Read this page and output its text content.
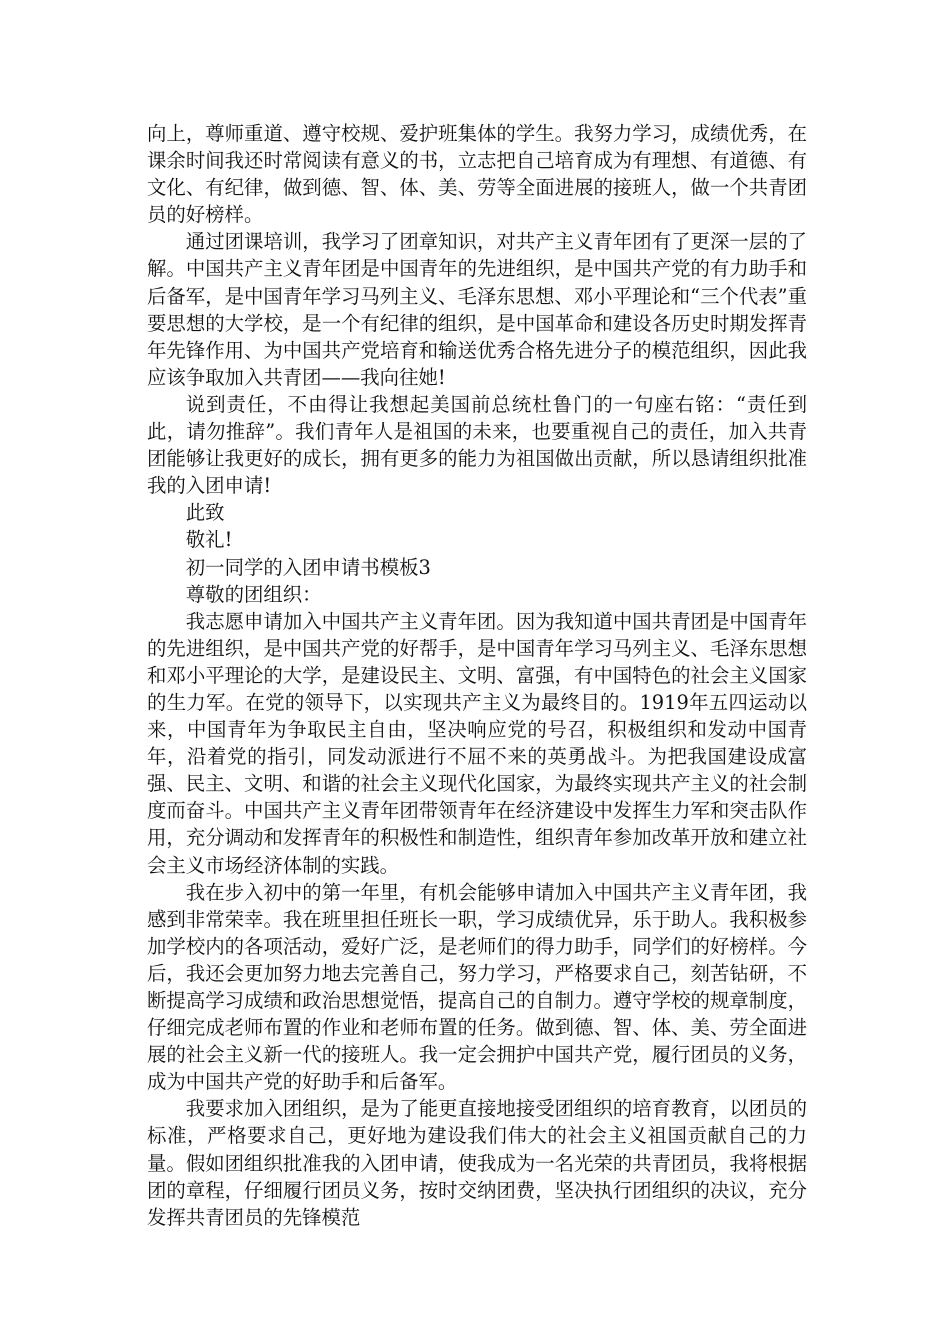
向上，尊师重道、遵守校规、爱护班集体的学生。我努力学习，成绩优秀，在课余时间我还时常阅读有意义的书，立志把自己培育成为有理想、有道德、有文化、有纪律，做到德、智、体、美、劳等全面进展的接班人，做一个共青团员的好榜样。

通过团课培训，我学习了团章知识，对共产主义青年团有了更深一层的了解。中国共产主义青年团是中国青年的先进组织，是中国共产党的有力助手和后备军，是中国青年学习马列主义、毛泽东思想、邓小平理论和“三个代表”重要思想的大学校，是一个有纪律的组织，是中国革命和建设各历史时期发挥青年先锋作用、为中国共产党培育和输送优秀合格先进分子的模范组织，因此我应该争取加入共青团——我向往她!

说到责任，不由得让我想起美国前总统杜鲁门的一句座右铭：“责任到此，请勿推辞”。我们青年人是祖国的未来，也要重视自己的责任，加入共青团能够让我更好的成长，拥有更多的能力为祖国做出贡献，所以恳请组织批准我的入团申请!

此致

敬礼!

初一同学的入团申请书模板3

尊敬的团组织：

我志愿申请加入中国共产主义青年团。因为我知道中国共青团是中国青年的先进组织，是中国共产党的好帮手，是中国青年学习马列主义、毛泽东思想和邓小平理论的大学，是建设民主、文明、富强，有中国特色的社会主义国家的生力军。在党的领导下，以实现共产主义为最终目的。1919年五四运动以来，中国青年为争取民主自由，坚决响应党的号召，积极组织和发动中国青年，沿着党的指引，同发动派进行不屈不来的英勇战斗。为把我国建设成富强、民主、文明、和谐的社会主义现代化国家，为最终实现共产主义的社会制度而奋斗。中国共产主义青年团带领青年在经济建设中发挥生力军和突击队作用，充分调动和发挥青年的积极性和制造性，组织青年参加改革开放和建立社会主义市场经济体制的实践。

我在步入初中的第一年里，有机会能够申请加入中国共产主义青年团，我感到非常荣幸。我在班里担任班长一职，学习成绩优异，乐于助人。我积极参加学校内的各项活动，爱好广泛，是老师们的得力助手，同学们的好榜样。今后，我还会更加努力地去完善自己，努力学习，严格要求自己，刻苦钻研，不断提高学习成绩和政治思想觉悟，提高自己的自制力。遵守学校的规章制度，仔细完成老师布置的作业和老师布置的任务。做到德、智、体、美、劳全面进展的社会主义新一代的接班人。我一定会拥护中国共产党，履行团员的义务，成为中国共产党的好助手和后备军。

我要求加入团组织，是为了能更直接地接受团组织的培育教育，以团员的标准，严格要求自己，更好地为建设我们伟大的社会主义祖国贡献自己的力量。假如团组织批准我的入团申请，使我成为一名光荣的共青团员，我将根据团的章程，仔细履行团员义务，按时交纳团费，坚决执行团组织的决议，充分发挥共青团员的先锋模范
